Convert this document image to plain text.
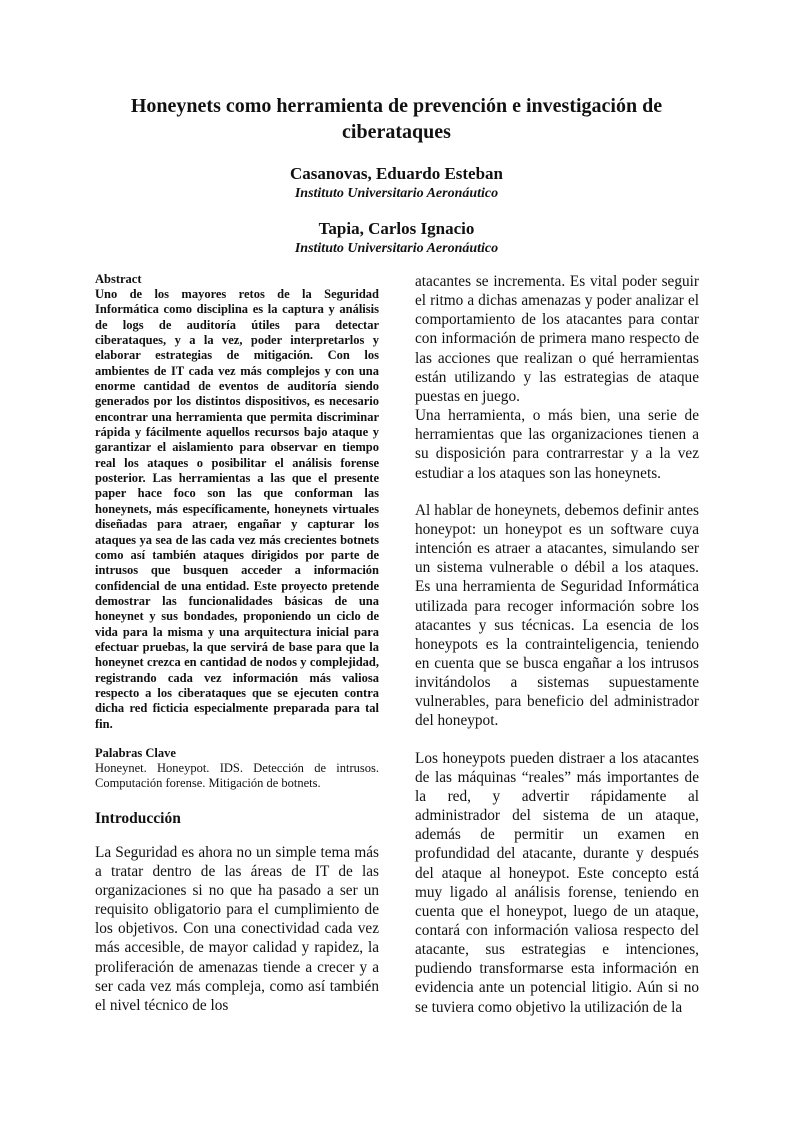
Honeynets como herramienta de prevención e investigación de ciberataques
Casanovas, Eduardo Esteban
Instituto Universitario Aeronáutico
Tapia, Carlos Ignacio
Instituto Universitario Aeronáutico

Abstract

Uno de los mayores retos de la Seguridad Informática como disciplina es la captura y análisis de logs de auditoría útiles para detectar ciberataques, y a la vez, poder interpretarlos y elaborar estrategias de mitigación. Con los ambientes de IT cada vez más complejos y con una enorme cantidad de eventos de auditoría siendo generados por los distintos dispositivos, es necesario encontrar una herramienta que permita discriminar rápida y fácilmente aquellos recursos bajo ataque y garantizar el aislamiento para observar en tiempo real los ataques o posibilitar el análisis forense posterior. Las herramientas a las que el presente paper hace foco son las que conforman las honeynets, más específicamente, honeynets virtuales diseñadas para atraer, engañar y capturar los ataques ya sea de las cada vez más crecientes botnets como así también ataques dirigidos por parte de intrusos que busquen acceder a información confidencial de una entidad. Este proyecto pretende demostrar las funcionalidades básicas de una honeynet y sus bondades, proponiendo un ciclo de vida para la misma y una arquitectura inicial para efectuar pruebas, la que servirá de base para que la honeynet crezca en cantidad de nodos y complejidad, registrando cada vez información más valiosa respecto a los ciberataques que se ejecuten contra dicha red ficticia especialmente preparada para tal fin.

Palabras Clave

Honeynet. Honeypot. IDS. Detección de intrusos. Computación forense. Mitigación de botnets.

Introducción

La Seguridad es ahora no un simple tema más a tratar dentro de las áreas de IT de las organizaciones si no que ha pasado a ser un requisito obligatorio para el cumplimiento de los objetivos. Con una conectividad cada vez más accesible, de mayor calidad y rapidez, la proliferación de amenazas tiende a crecer y a ser cada vez más compleja, como así también el nivel técnico de los

atacantes se incrementa. Es vital poder seguir el ritmo a dichas amenazas y poder analizar el comportamiento de los atacantes para contar con información de primera mano respecto de las acciones que realizan o qué herramientas están utilizando y las estrategias de ataque puestas en juego.

Una herramienta, o más bien, una serie de herramientas que las organizaciones tienen a su disposición para contrarrestar y a la vez estudiar a los ataques son las honeynets.

Al hablar de honeynets, debemos definir antes honeypot: un honeypot es un software cuya intención es atraer a atacantes, simulando ser un sistema vulnerable o débil a los ataques. Es una herramienta de Seguridad Informática utilizada para recoger información sobre los atacantes y sus técnicas. La esencia de los honeypots es la contrainteligencia, teniendo en cuenta que se busca engañar a los intrusos invitándolos a sistemas supuestamente vulnerables, para beneficio del administrador del honeypot.

Los honeypots pueden distraer a los atacantes de las máquinas “reales” más importantes de la red, y advertir rápidamente al administrador del sistema de un ataque, además de permitir un examen en profundidad del atacante, durante y después del ataque al honeypot. Este concepto está muy ligado al análisis forense, teniendo en cuenta que el honeypot, luego de un ataque, contará con información valiosa respecto del atacante, sus estrategias e intenciones, pudiendo transformarse esta información en evidencia ante un potencial litigio. Aún si no se tuviera como objetivo la utilización de la
